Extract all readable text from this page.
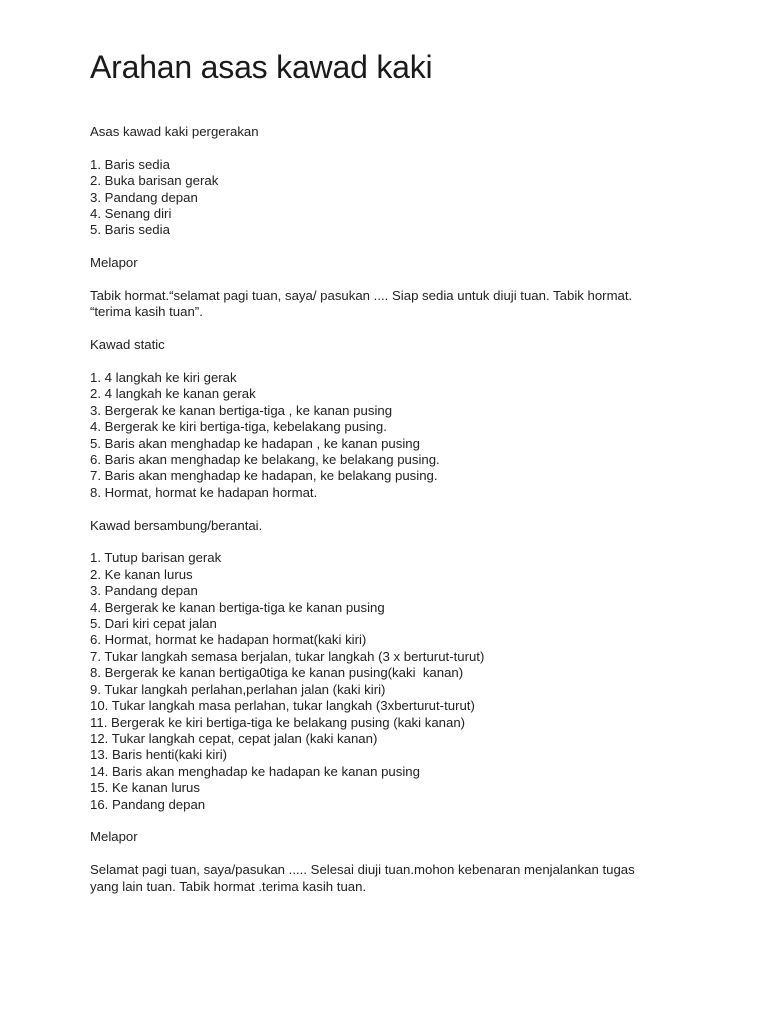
Arahan asas kawad kaki
Asas kawad kaki pergerakan
1. Baris sedia
2. Buka barisan gerak
3. Pandang depan
4. Senang diri
5. Baris sedia
Melapor
Tabik hormat.“selamat pagi tuan, saya/ pasukan .... Siap sedia untuk diuji tuan. Tabik hormat.
“terima kasih tuan”.
Kawad static
1. 4 langkah ke kiri gerak
2. 4 langkah ke kanan gerak
3. Bergerak ke kanan bertiga-tiga , ke kanan pusing
4. Bergerak ke kiri bertiga-tiga, kebelakang pusing.
5. Baris akan menghadap ke hadapan , ke kanan pusing
6. Baris akan menghadap ke belakang, ke belakang pusing.
7. Baris akan menghadap ke hadapan, ke belakang pusing.
8. Hormat, hormat ke hadapan hormat.
Kawad bersambung/berantai.
1. Tutup barisan gerak
2. Ke kanan lurus
3. Pandang depan
4. Bergerak ke kanan bertiga-tiga ke kanan pusing
5. Dari kiri cepat jalan
6. Hormat, hormat ke hadapan hormat(kaki kiri)
7. Tukar langkah semasa berjalan, tukar langkah (3 x berturut-turut)
8. Bergerak ke kanan bertiga0tiga ke kanan pusing(kaki  kanan)
9. Tukar langkah perlahan,perlahan jalan (kaki kiri)
10. Tukar langkah masa perlahan, tukar langkah (3xberturut-turut)
11. Bergerak ke kiri bertiga-tiga ke belakang pusing (kaki kanan)
12. Tukar langkah cepat, cepat jalan (kaki kanan)
13. Baris henti(kaki kiri)
14. Baris akan menghadap ke hadapan ke kanan pusing
15. Ke kanan lurus
16. Pandang depan
Melapor
Selamat pagi tuan, saya/pasukan ..... Selesai diuji tuan.mohon kebenaran menjalankan tugas
yang lain tuan. Tabik hormat .terima kasih tuan.
